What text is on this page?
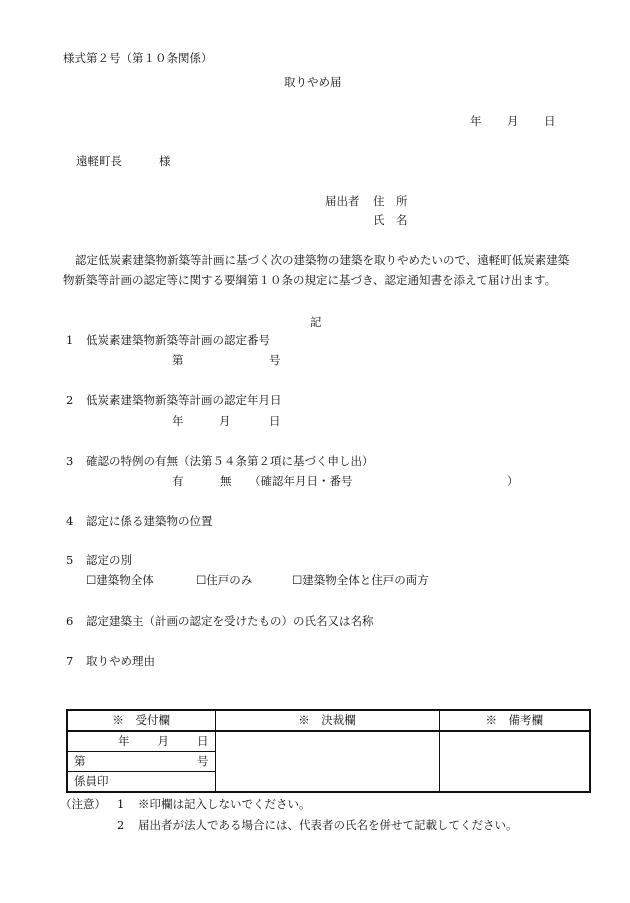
様式第２号（第１０条関係）
取りやめ届
年 月 日
遠軽町長	様
届出者 住　所
氏　名
認定低炭素建築物新築等計画に基づく次の建築物の建築を取りやめたいので、遠軽町低炭素建築物新築等計画の認定等に関する要綱第１０条の規定に基づき、認定通知書を添えて届け出ます。
記
1 低炭素建築物新築等計画の認定番号
第	号
2 低炭素建築物新築等計画の認定年月日
年	月	日
3 確認の特例の有無（法第５４条第２項に基づく申し出）
有	無 （確認年月日・番号	）
4 認定に係る建築物の位置
5 認定の別
☐建築物全体	☐住戸のみ	☐建築物全体と住戸の両方
6 認定建築主（計画の認定を受けたもの）の氏名又は名称
7 取りやめ理由
※　受付欄	※　決裁欄	※　備考欄
年 月 日		
第 号		

係員印		
（注意） 1 ※印欄は記入しないでください。
2 届出者が法人である場合には、代表者の氏名を併せて記載してください。
